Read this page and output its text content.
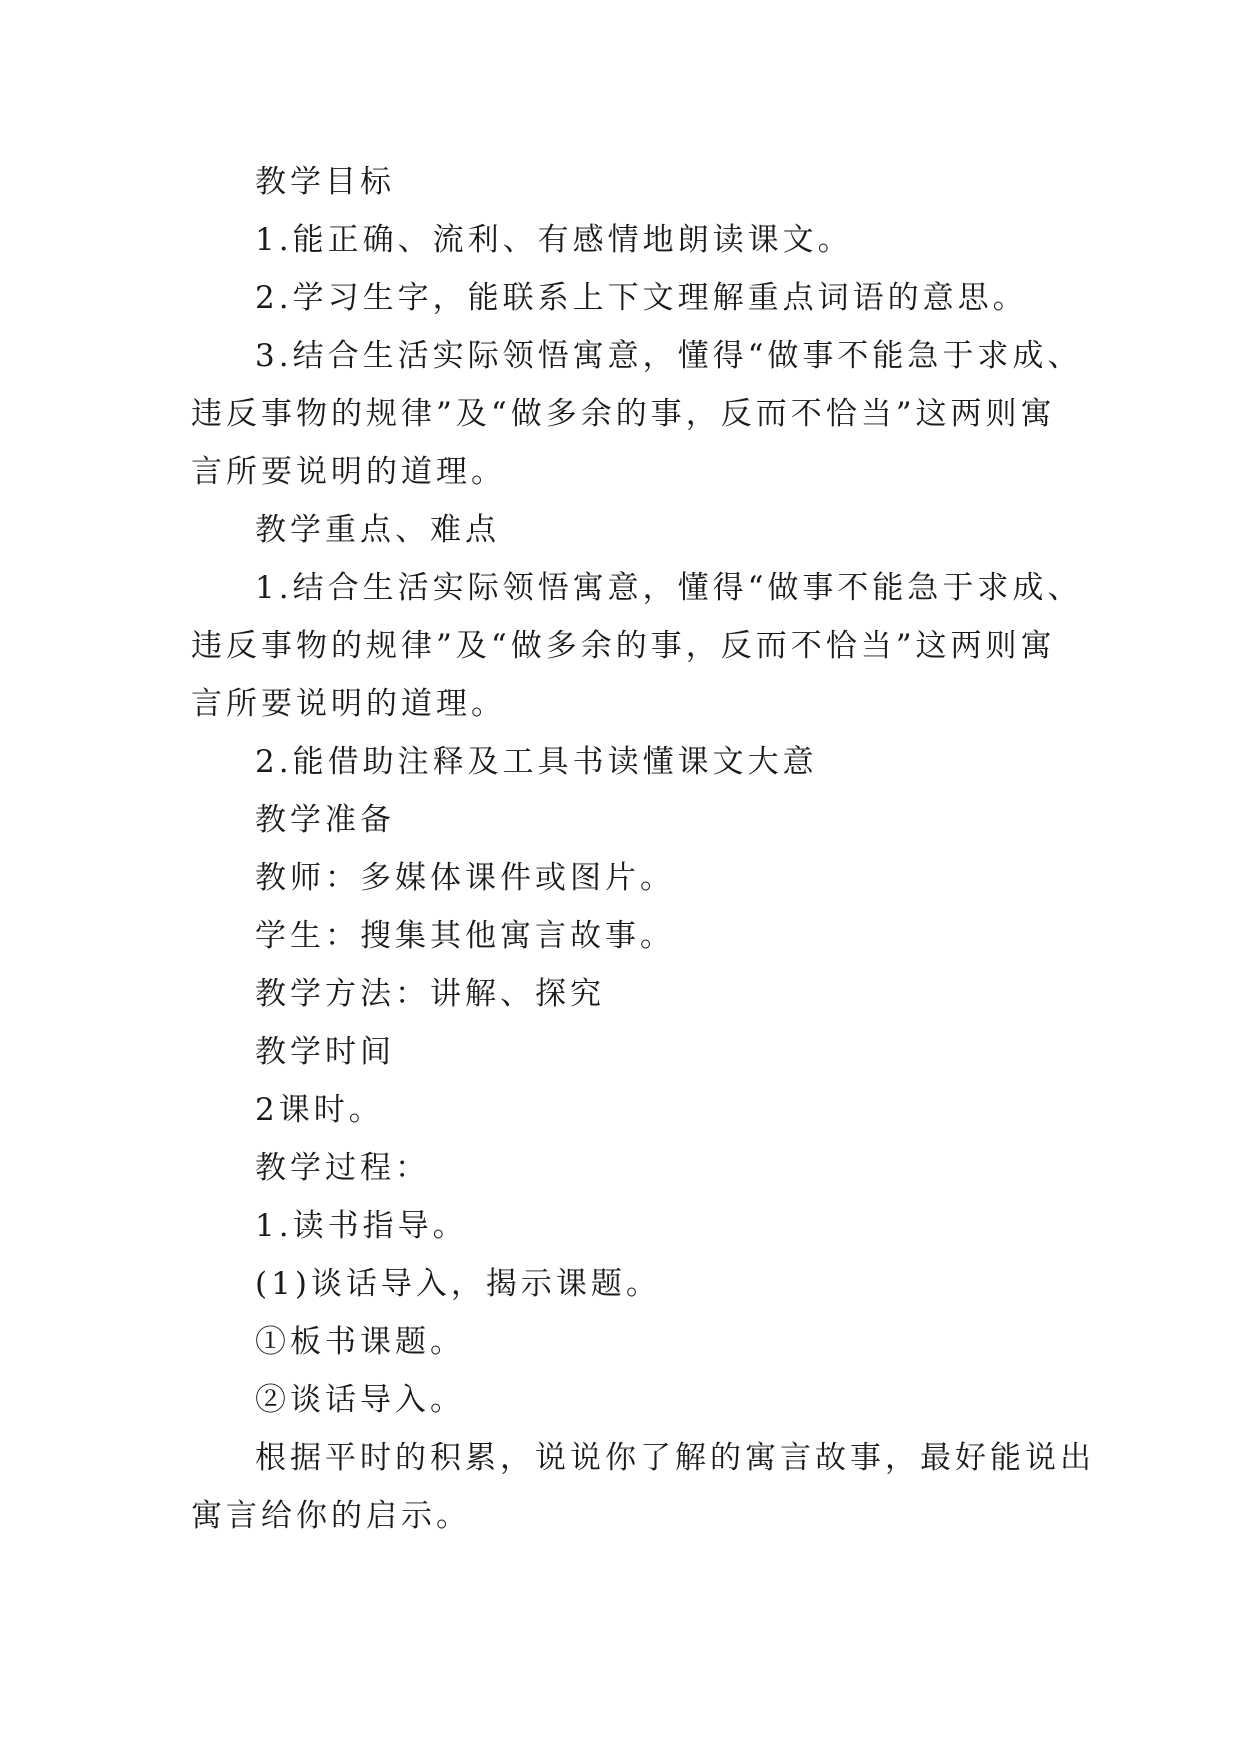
教学目标
1.能正确、流利、有感情地朗读课文。
2.学习生字，能联系上下文理解重点词语的意思。
3.结合生活实际领悟寓意，懂得“做事不能急于求成、
违反事物的规律”及“做多余的事，反而不恰当”这两则寓
言所要说明的道理。
教学重点、难点
1.结合生活实际领悟寓意，懂得“做事不能急于求成、
违反事物的规律”及“做多余的事，反而不恰当”这两则寓
言所要说明的道理。
2.能借助注释及工具书读懂课文大意
教学准备
教师：多媒体课件或图片。
学生：搜集其他寓言故事。
教学方法：讲解、探究
教学时间
2课时。
教学过程：
1.读书指导。
(1)谈话导入，揭示课题。
①板书课题。
②谈话导入。
根据平时的积累，说说你了解的寓言故事，最好能说出
寓言给你的启示。
